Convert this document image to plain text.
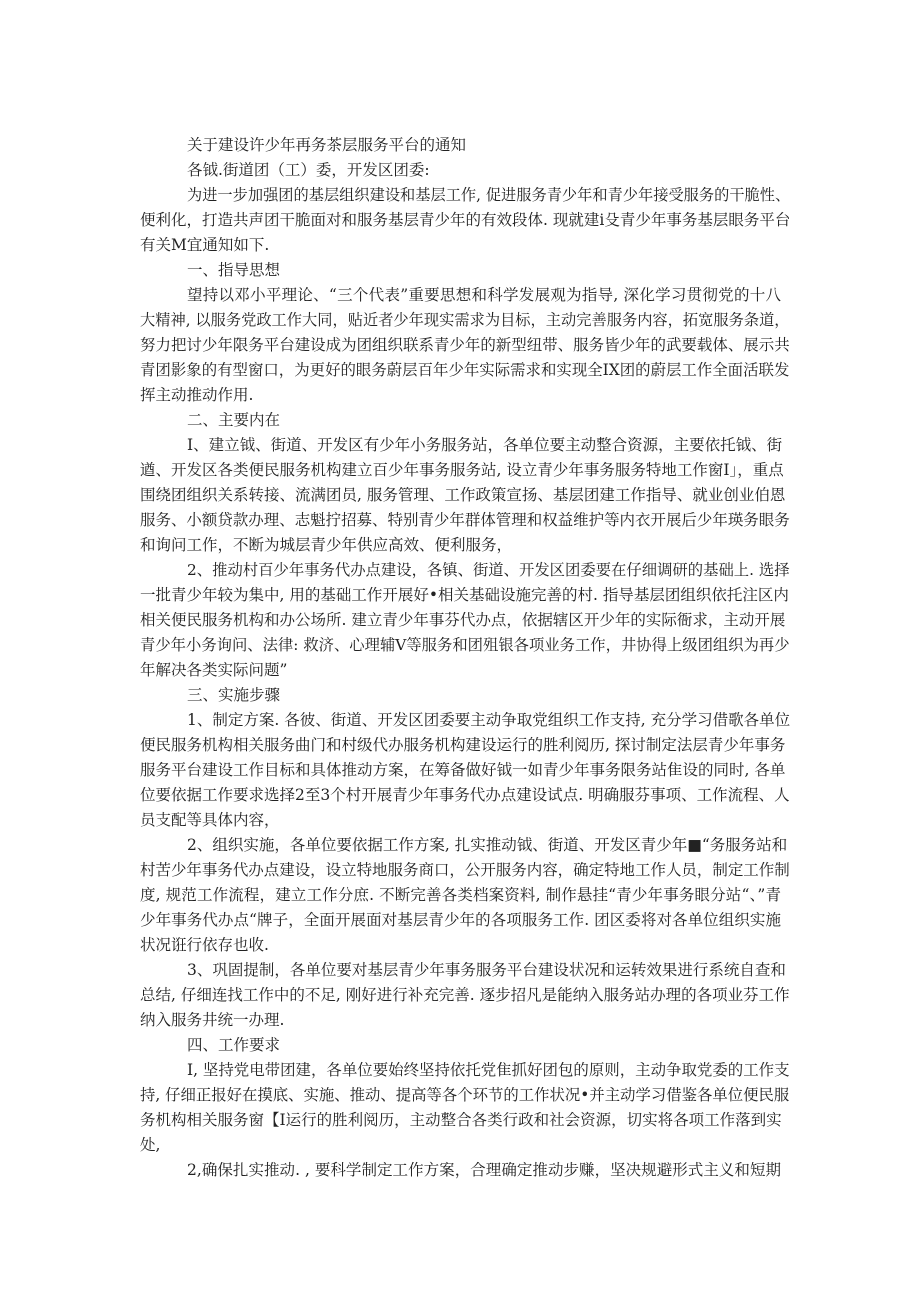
关于建设许少年再务茶层服务平台的通知
各钺.街道团（工）委，开发区团委:
为进一步加强团的基层组织建设和基层工作, 促进服务青少年和青少年接受服务的干脆性、
便利化，打造共声团干脆面对和服务基层青少年的有效段体. 现就建i殳青少年事务基层眼务平台
有关M宜通知如下.
一、指导思想
望持以邓小平理论、“三个代表”重要思想和科学发展观为指导, 深化学习贯彻党的十八
大精神, 以服务党政工作大同，贴近者少年现实需求为目标，主动完善服务内容，拓宽服务条道，
努力把讨少年限务平台建设成为团组织联系青少年的新型纽带、服务皆少年的武要载体、展示共
青团影象的有型窗口，为更好的眼务蔚层百年少年实际需求和实现全IX团的蔚层工作全面活联发
挥主动推动作用.
二、主要内在
I、建立钺、街道、开发区有少年小务服务站，各单位要主动整合资源，主要依托钺、街
遒、开发区各类便民服务机构建立百少年事务服务站, 设立青少年事务服务特地工作窗I」，重点
围绕团组织关系转接、流满团员, 服务管理、工作政策宣扬、基层团建工作指导、就业创业伯恩
服务、小额贷款办理、志魁拧招募、特别青少年群体管理和权益维护等内衣开展后少年瑛务眼务
和询问工作，不断为城层青少年供应高效、便利服务，
2、推动村百少年事务代办点建设，各镇、街道、开发区团委要在仔细调研的基础上. 选择
一批青少年较为集中, 用的基础工作开展好•相关基础设施完善的村. 指导基层团组织依托注区内
相关便民服务机构和办公场所. 建立青少年事芬代办点，依据辖区开少年的实际衙求，主动开展
青少年小务询问、法律: 救济、心理辅V等服务和团殂银各项业务工作，井协得上级团组织为再少
年解决各类实际问题”
三、实施步骤
1、制定方案. 各彼、街道、开发区团委要主动争取党组织工作支持, 充分学习借歌各单位
便民服务机构相关服务曲门和村级代办服务机构建设运行的胜利阅历, 探讨制定法层青少年事务
服务平台建设工作目标和具体推动方案，在筹备做好钺一如青少年事务限务站隹设的同时, 各单
位要依据工作要求选择2至3个村开展青少年事务代办点建设试点. 明确服芬事项、工作流程、人
员支配等具体内容，
2、组织实施，各单位要依据工作方案, 扎实推动钺、街道、开发区青少年■“务服务站和
村苦少年事务代办点建设，设立特地服务商口，公开服务内容，确定特地工作人员，制定工作制
度, 规范工作流程，建立工作分庶. 不断完善各类档案资料, 制作悬挂“青少年事务眼分站“、”青
少年事务代办点“牌子，全面开展面对基层青少年的各项服务工作. 团区委将对各单位组织实施
状况诳行依存也收.
3、巩固提制，各单位要对基层青少年事务服务平台建设状况和运转效果进行系统自查和
总结, 仔细连找工作中的不足, 刚好进行补充完善. 逐步招凡是能纳入服务站办理的各项业芬工作
纳入服务井统一办理.
四、工作要求
I, 坚持党电带团建，各单位要始终坚持依托党隹抓好团包的原则，主动争取党委的工作支
持, 仔细正报好在摸底、实施、推动、提高等各个环节的工作状况•并主动学习借鉴各单位便民服
务机构相关服务窗【I运行的胜利阅历，主动整合各类行政和社会资源，切实将各项工作落到实
处,
2,确保扎实推动. , 要科学制定工作方案，合理确定推动步赚，坚决规避形式主义和短期
